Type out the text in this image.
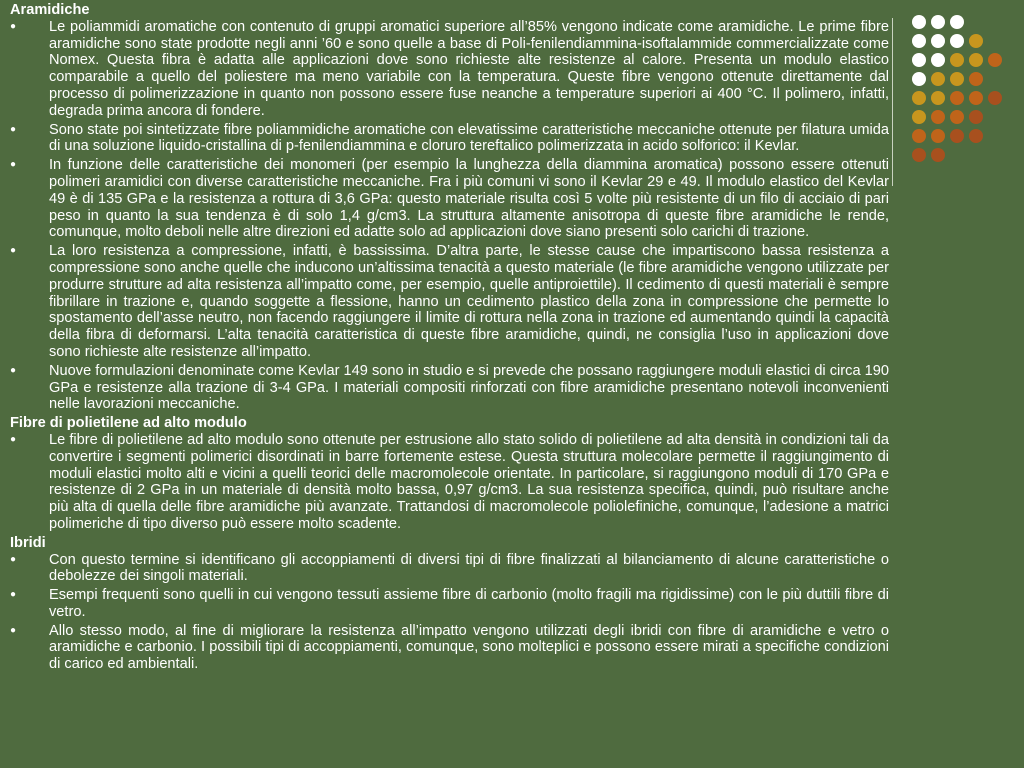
Aramidiche
● Le poliammidi aromatiche con contenuto di gruppi aromatici superiore all’85% vengono indicate come aramidiche. Le prime fibre aramidiche sono state prodotte negli anni ’60 e sono quelle a base di Poli-fenilendiammina-isoftalammide commercializzate come Nomex. Questa fibra è adatta alle applicazioni dove sono richieste alte resistenze al calore. Presenta un modulo elastico comparabile a quello del poliestere ma meno variabile con la temperatura. Queste fibre vengono ottenute direttamente dal processo di polimerizzazione in quanto non possono essere fuse neanche a temperature superiori ai 400 °C. Il polimero, infatti, degrada prima ancora di fondere.
● Sono state poi sintetizzate fibre poliammidiche aromatiche con elevatissime caratteristiche meccaniche ottenute per filatura umida di una soluzione liquido-cristallina di p-fenilendiammina e cloruro tereftalico polimerizzata in acido solforico: il Kevlar.
● In funzione delle caratteristiche dei monomeri (per esempio la lunghezza della diammina aromatica) possono essere ottenuti polimeri aramidici con diverse caratteristiche meccaniche. Fra i più comuni vi sono il Kevlar 29 e 49. Il modulo elastico del Kevlar 49 è di 135 GPa e la resistenza a rottura di 3,6 GPa: questo materiale risulta così 5 volte più resistente di un filo di acciaio di pari peso in quanto la sua tendenza è di solo 1,4 g/cm3. La struttura altamente anisotropa di queste fibre aramidiche le rende, comunque, molto deboli nelle altre direzioni ed adatte solo ad applicazioni dove siano presenti solo carichi di trazione.
● La loro resistenza a compressione, infatti, è bassissima. D’altra parte, le stesse cause che impartiscono bassa resistenza a compressione sono anche quelle che inducono un’altissima tenacità a questo materiale (le fibre aramidiche vengono utilizzate per produrre strutture ad alta resistenza all’impatto come, per esempio, quelle antiproiettile). Il cedimento di questi materiali è sempre fibrillare in trazione e, quando soggette a flessione, hanno un cedimento plastico della zona in compressione che permette lo spostamento dell’asse neutro, non facendo raggiungere il limite di rottura nella zona in trazione ed aumentando quindi la capacità della fibra di deformarsi. L’alta tenacità caratteristica di queste fibre aramidiche, quindi, ne consiglia l’uso in applicazioni dove sono richieste alte resistenze all’impatto.
● Nuove formulazioni denominate come Kevlar 149 sono in studio e si prevede che possano raggiungere moduli elastici di circa 190 GPa e resistenze alla trazione di 3-4 GPa. I materiali compositi rinforzati con fibre aramidiche presentano notevoli inconvenienti nelle lavorazioni meccaniche.
Fibre di polietilene ad alto modulo
● Le fibre di polietilene ad alto modulo sono ottenute per estrusione allo stato solido di polietilene ad alta densità in condizioni tali da convertire i segmenti polimerici disordinati in barre fortemente estese. Questa struttura molecolare permette il raggiungimento di moduli elastici molto alti e vicini a quelli teorici delle macromolecole orientate. In particolare, si raggiungono moduli di 170 GPa e resistenze di 2 GPa in un materiale di densità molto bassa, 0,97 g/cm3. La sua resistenza specifica, quindi, può risultare anche più alta di quella delle fibre aramidiche più avanzate. Trattandosi di macromolecole poliolefiniche, comunque, l’adesione a matrici polimeriche di tipo diverso può essere molto scadente.
Ibridi
● Con questo termine si identificano gli accoppiamenti di diversi tipi di fibre finalizzati al bilanciamento di alcune caratteristiche o debolezze dei singoli materiali.
● Esempi frequenti sono quelli in cui vengono tessuti assieme fibre di carbonio (molto fragili ma rigidissime) con le più duttili fibre di vetro.
● Allo stesso modo, al fine di migliorare la resistenza all’impatto vengono utilizzati degli ibridi con fibre di aramidiche e vetro o aramidiche e carbonio. I possibili tipi di accoppiamenti, comunque, sono molteplici e possono essere mirati a specifiche condizioni di carico ed ambientali.
